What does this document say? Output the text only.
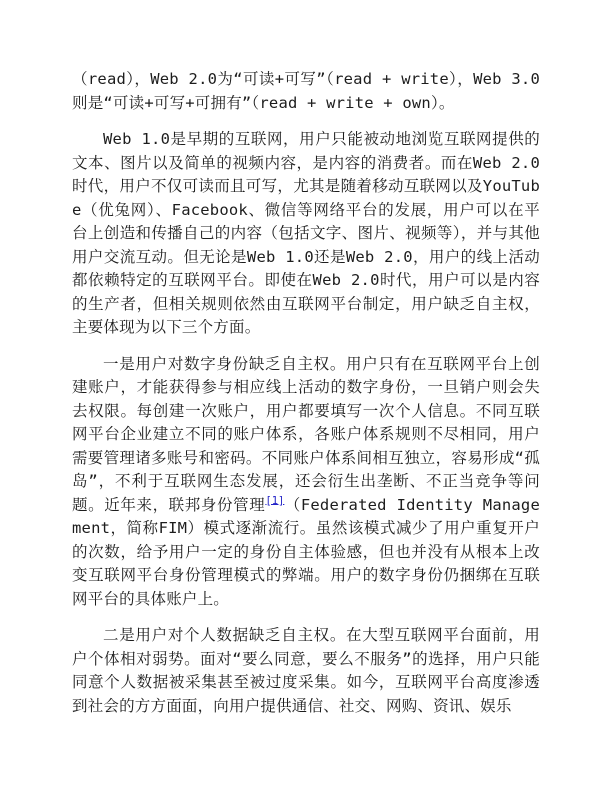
（read），Web 2.0为“可读+可写”（read + write），Web 3.0则是“可读+可写+可拥有”（read + write + own）。

Web 1.0是早期的互联网，用户只能被动地浏览互联网提供的文本、图片以及简单的视频内容，是内容的消费者。而在Web 2.0时代，用户不仅可读而且可写，尤其是随着移动互联网以及YouTube（优兔网）、Facebook、微信等网络平台的发展，用户可以在平台上创造和传播自己的内容（包括文字、图片、视频等），并与其他用户交流互动。但无论是Web 1.0还是Web 2.0，用户的线上活动都依赖特定的互联网平台。即使在Web 2.0时代，用户可以是内容的生产者，但相关规则依然由互联网平台制定，用户缺乏自主权，主要体现为以下三个方面。

一是用户对数字身份缺乏自主权。用户只有在互联网平台上创建账户，才能获得参与相应线上活动的数字身份，一旦销户则会失去权限。每创建一次账户，用户都要填写一次个人信息。不同互联网平台企业建立不同的账户体系，各账户体系规则不尽相同，用户需要管理诸多账号和密码。不同账户体系间相互独立，容易形成“孤岛”，不利于互联网生态发展，还会衍生出垄断、不正当竞争等问题。近年来，联邦身份管理[1]（Federated Identity Management，简称FIM）模式逐渐流行。虽然该模式减少了用户重复开户的次数，给予用户一定的身份自主体验感，但也并没有从根本上改变互联网平台身份管理模式的弊端。用户的数字身份仍捆绑在互联网平台的具体账户上。

二是用户对个人数据缺乏自主权。在大型互联网平台面前，用户个体相对弱势。面对“要么同意，要么不服务”的选择，用户只能同意个人数据被采集甚至被过度采集。如今，互联网平台高度渗透到社会的方方面面，向用户提供通信、社交、网购、资讯、娱乐
